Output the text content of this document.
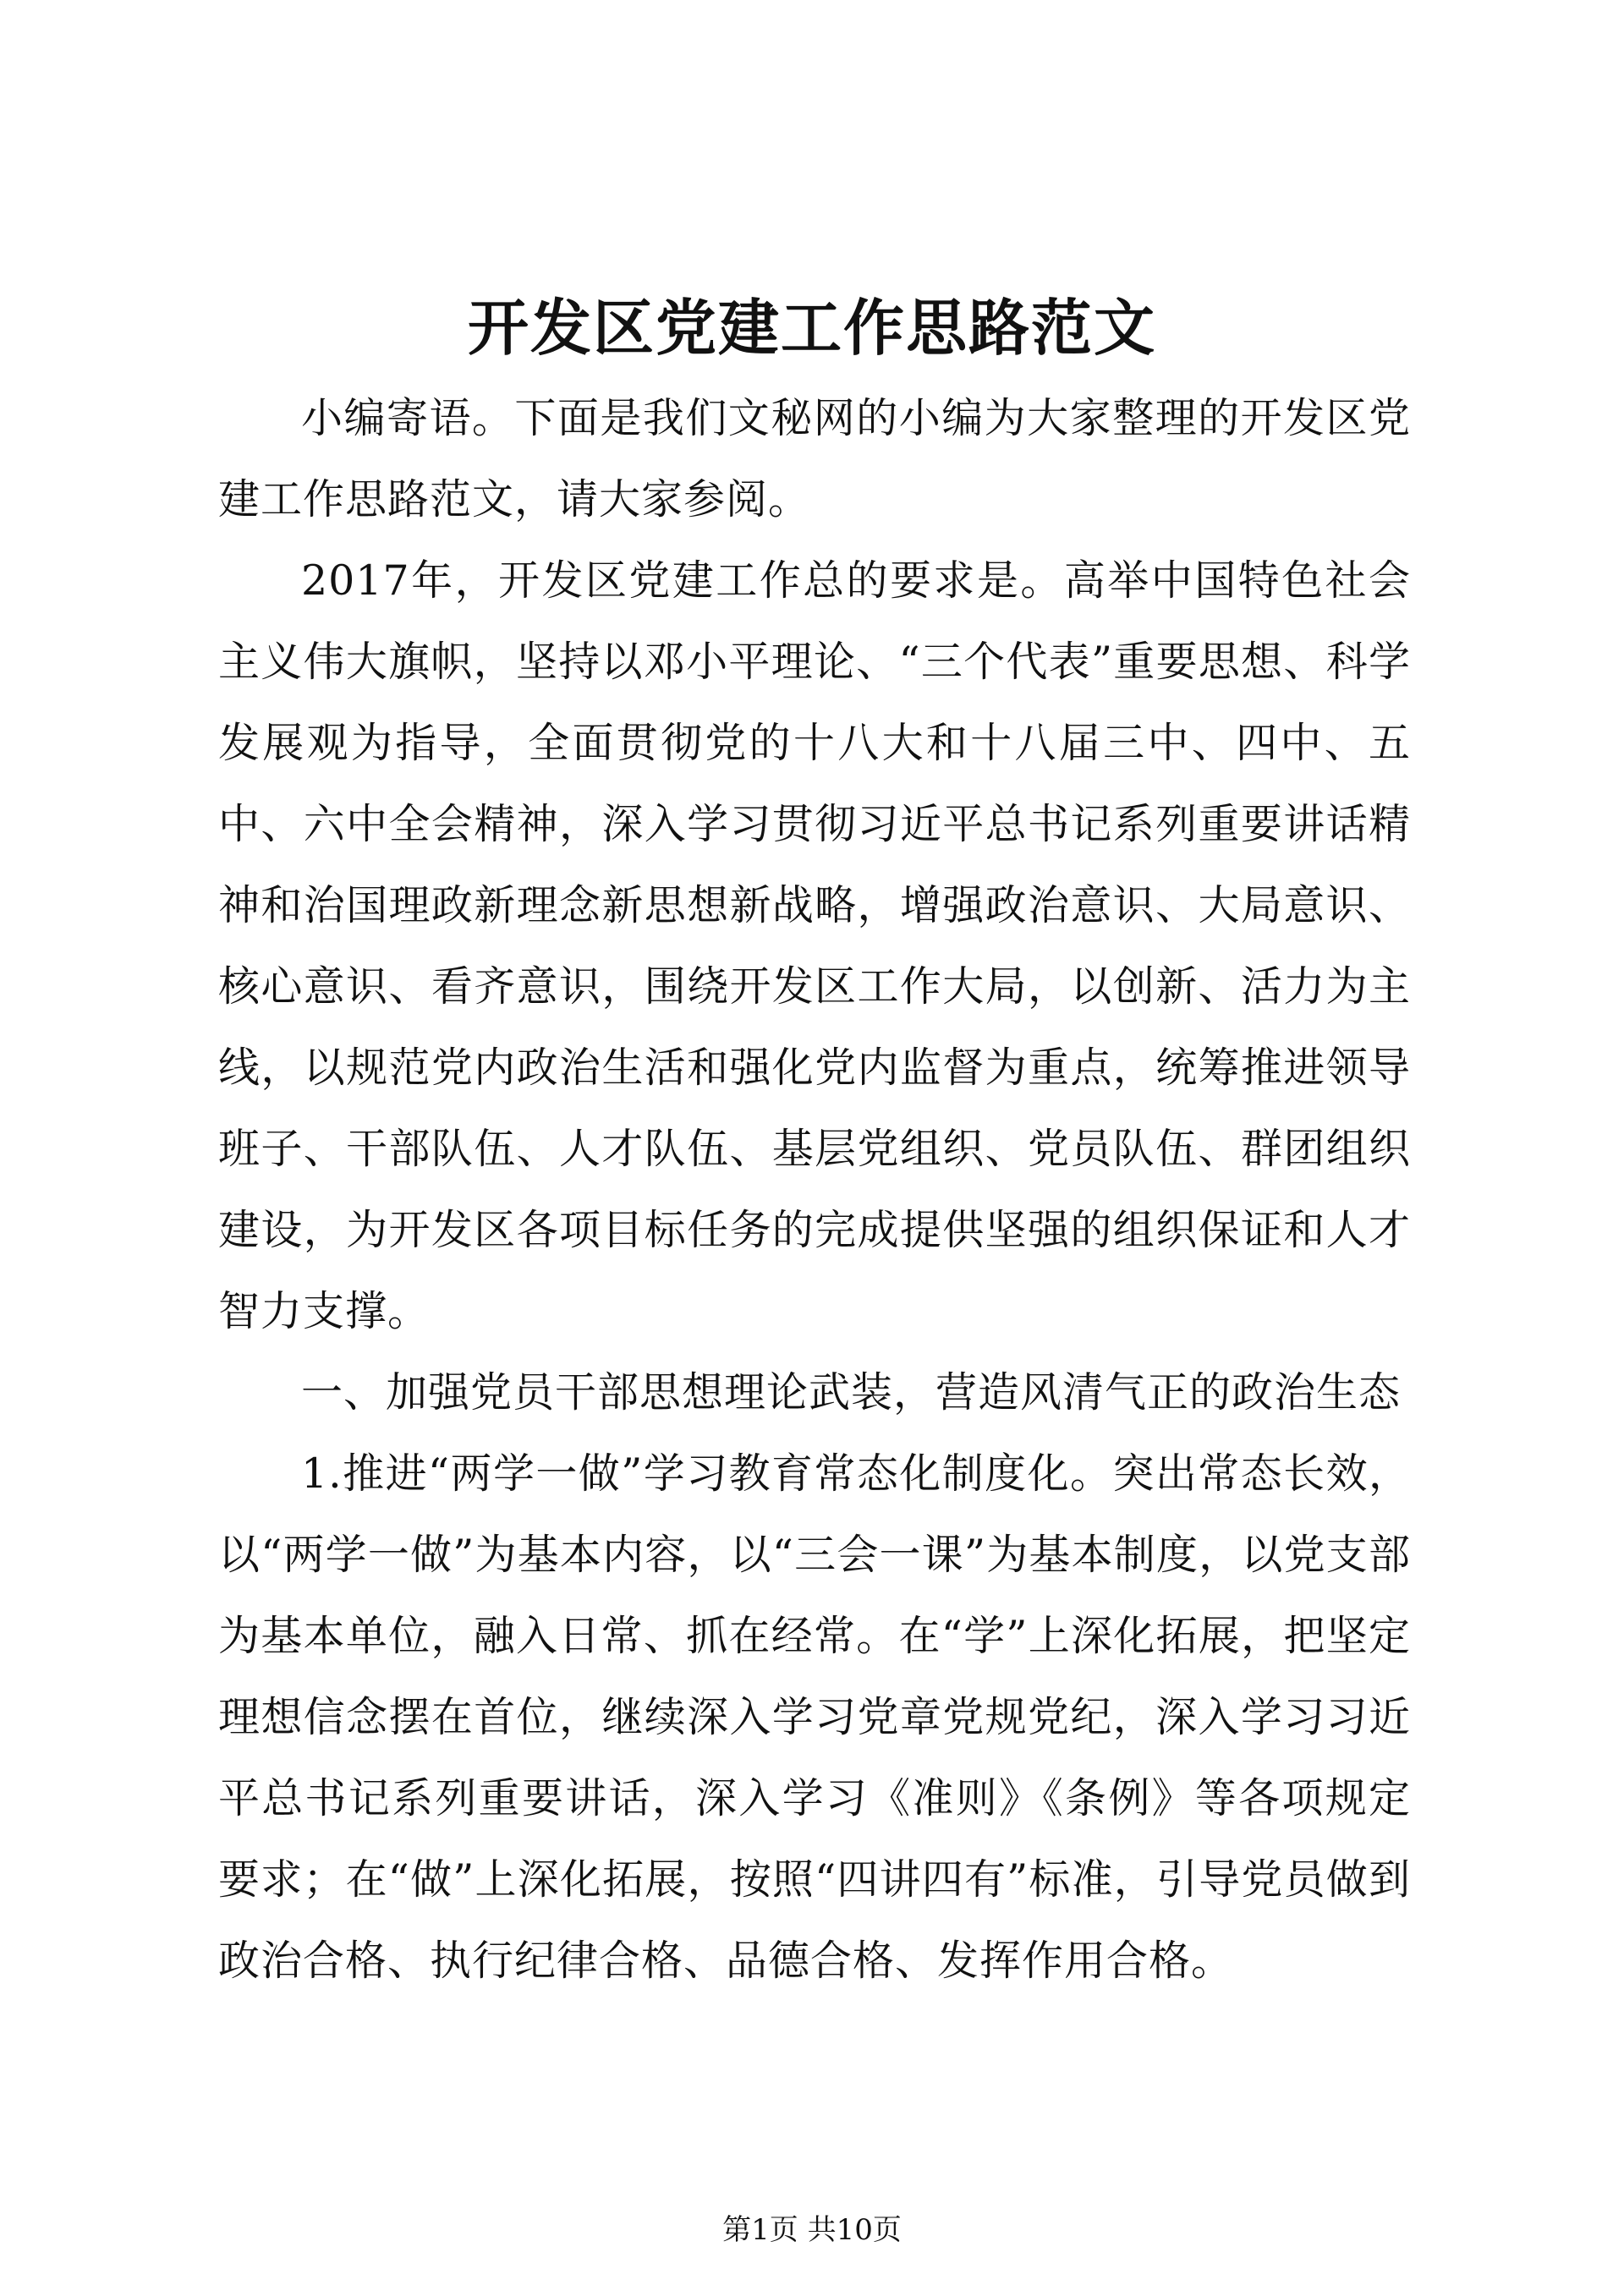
开发区党建工作思路范文

小编寄语。下面是我们文秘网的小编为大家整理的开发区党建工作思路范文，请大家参阅。

2017年，开发区党建工作总的要求是。高举中国特色社会主义伟大旗帜，坚持以邓小平理论、“三个代表”重要思想、科学发展观为指导，全面贯彻党的十八大和十八届三中、四中、五中、六中全会精神，深入学习贯彻习近平总书记系列重要讲话精神和治国理政新理念新思想新战略，增强政治意识、大局意识、核心意识、看齐意识，围绕开发区工作大局，以创新、活力为主线，以规范党内政治生活和强化党内监督为重点，统筹推进领导班子、干部队伍、人才队伍、基层党组织、党员队伍、群团组织建设，为开发区各项目标任务的完成提供坚强的组织保证和人才智力支撑。

一、加强党员干部思想理论武装，营造风清气正的政治生态

1.推进“两学一做”学习教育常态化制度化。突出常态长效，以“两学一做”为基本内容，以“三会一课”为基本制度，以党支部为基本单位，融入日常、抓在经常。在“学”上深化拓展，把坚定理想信念摆在首位，继续深入学习党章党规党纪，深入学习习近平总书记系列重要讲话，深入学习《准则》《条例》等各项规定要求；在“做”上深化拓展，按照“四讲四有”标准，引导党员做到政治合格、执行纪律合格、品德合格、发挥作用合格。

第1页 共10页
